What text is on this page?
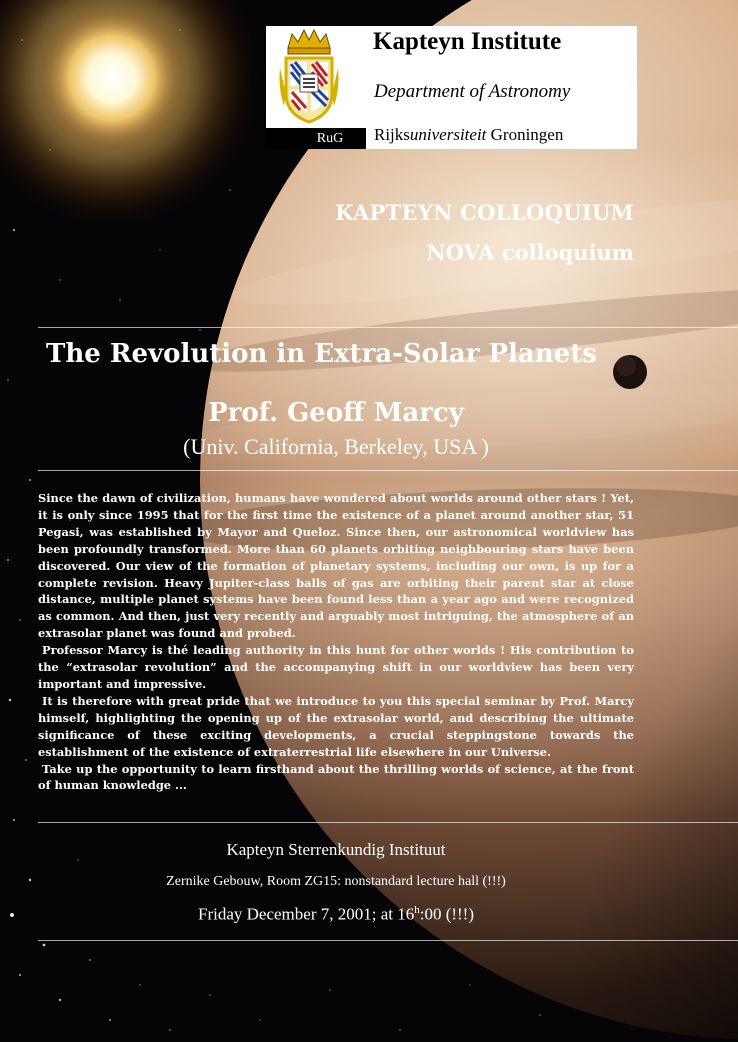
RuG
Kapteyn Institute
Department of Astronomy
Rijksuniversiteit Groningen
KAPTEYN COLLOQUIUM
NOVA colloquium
The Revolution in Extra-Solar Planets
Prof. Geoff Marcy
(Univ. California, Berkeley, USA )

Since the dawn of civilization, humans have wondered about worlds around other stars ! Yet, it is only since 1995 that for the first time the existence of a planet around another star, 51 Pegasi, was established by Mayor and Queloz. Since then, our astronomical worldview has been profoundly transformed. More than 60 planets orbiting neighbouring stars have been discovered. Our view of the formation of planetary systems, including our own, is up for a complete revision. Heavy Jupiter-class balls of gas are orbiting their parent star at close distance, multiple planet systems have been found less than a year ago and were recognized as common. And then, just very recently and arguably most intriguing, the atmosphere of an extrasolar planet was found and probed.

Professor Marcy is thé leading authority in this hunt for other worlds ! His contribution to the “extrasolar revolution” and the accompanying shift in our worldview has been very important and impressive.

It is therefore with great pride that we introduce to you this special seminar by Prof. Marcy himself, highlighting the opening up of the extrasolar world, and describing the ultimate significance of these exciting developments, a crucial steppingstone towards the establishment of the existence of extraterrestrial life elsewhere in our Universe.

Take up the opportunity to learn firsthand about the thrilling worlds of science, at the front of human knowledge ...

Kapteyn Sterrenkundig Instituut
Zernike Gebouw, Room ZG15: nonstandard lecture hall (!!!)
Friday December 7, 2001; at 16$^h$:00 (!!!)
